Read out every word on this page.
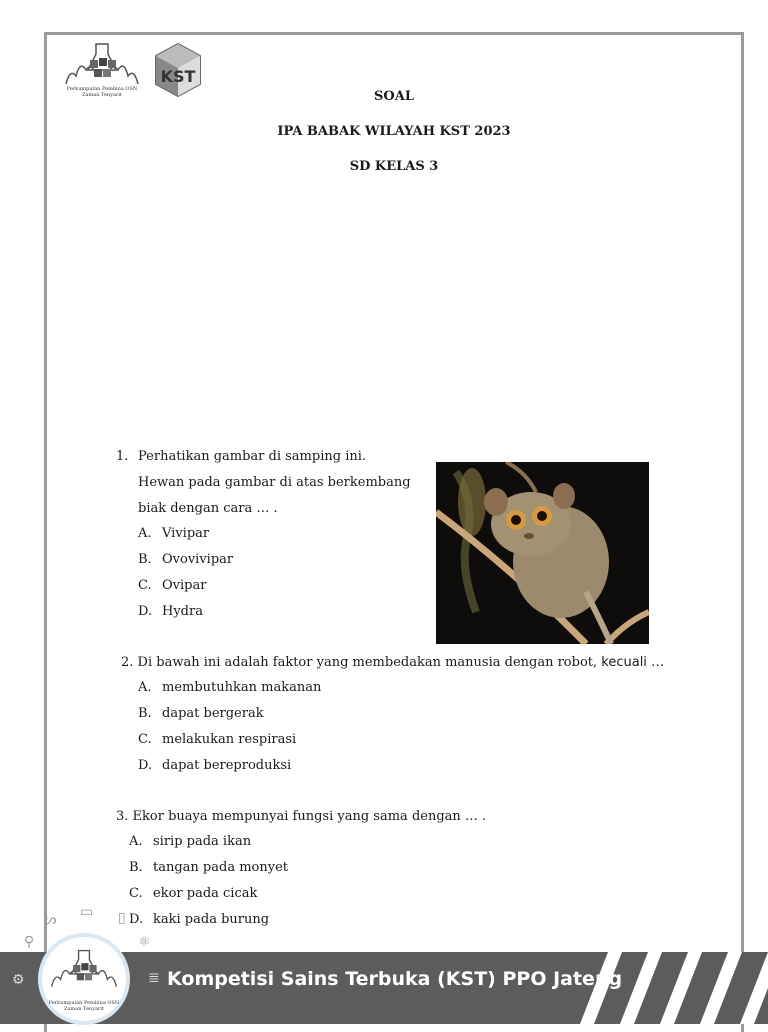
Perkumpulan Pembina OSN Zaman Tenyarit
KST
SOAL
IPA BABAK WILAYAH KST 2023
SD KELAS 3
1. Perhatikan gambar di samping ini.
Hewan pada gambar di atas berkembang
biak dengan cara … .
A. Vivipar
B. Ovovivipar
C. Ovipar
D. Hydra
2. Di bawah ini adalah faktor yang membedakan manusia dengan robot, kecuali …
A. membutuhkan makanan
B. dapat bergerak
C. melakukan respirasi
D. dapat bereproduksi
3. Ekor buaya mempunyai fungsi yang sama dengan … .
A. sirip pada ikan
B. tangan pada monyet
C. ekor pada cicak
D. kaki pada burung
Kompetisi Sains Terbuka (KST) PPO Jateng
ᔕ ▭ ▯
⚲	⚛
⚙	≣
Perkumpulan Pembina OSN Zaman Tenyarit
